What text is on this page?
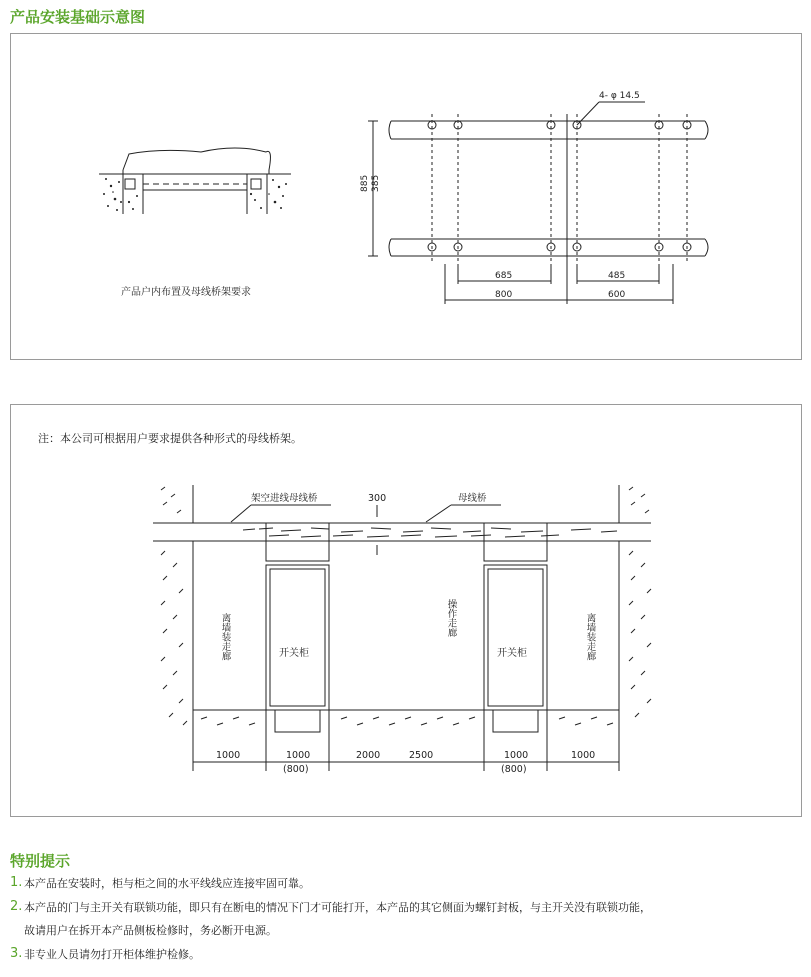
产品安装基础示意图
产品户内布置及母线桥架要求
4- φ 14.5
885 385
685	485
800	600
架空进线母线桥	300	母线桥
离墙装走廊	操作走廊	离墙装走廊
开关柜	开关柜
1000	1000
(800)
2000	2500	1000
(800)
1000
注：本公司可根据用户要求提供各种形式的母线桥架。
特别提示
1. 本产品在安装时，柜与柜之间的水平线线应连接牢固可靠。
2. 本产品的门与主开关有联锁功能，即只有在断电的情况下门才可能打开，本产品的其它侧面为螺钉封板，与主开关没有联锁功能，
故请用户在拆开本产品侧板检修时，务必断开电源。
3. 非专业人员请勿打开柜体维护检修。
